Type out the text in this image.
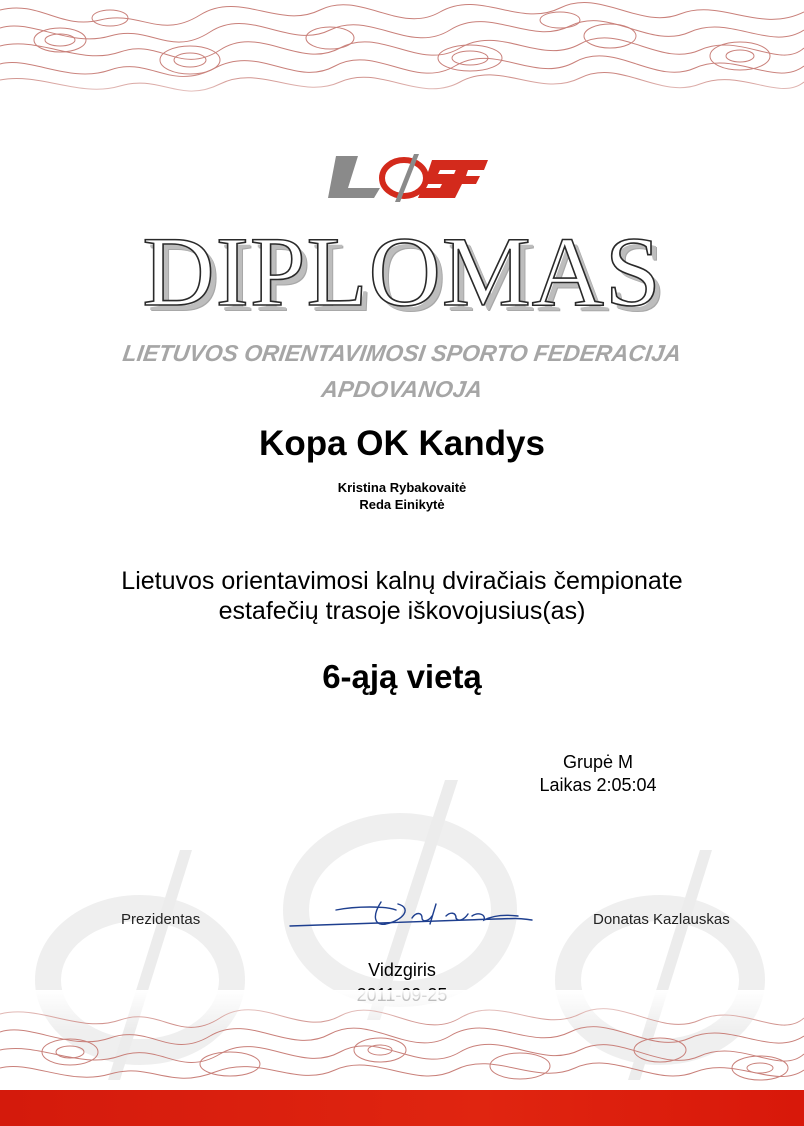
DIPLOMAS
LIETUVOS ORIENTAVIMOSI SPORTO FEDERACIJA
APDOVANOJA
Kopa OK Kandys
Kristina Rybakovaitė
Reda Einikytė
Lietuvos orientavimosi kalnų dviračiais čempionate
estafečių trasoje iškovojusius(as)
6-ąją vietą
Grupė M
Laikas 2:05:04
Prezidentas	Donatas Kazlauskas
Vidzgiris
